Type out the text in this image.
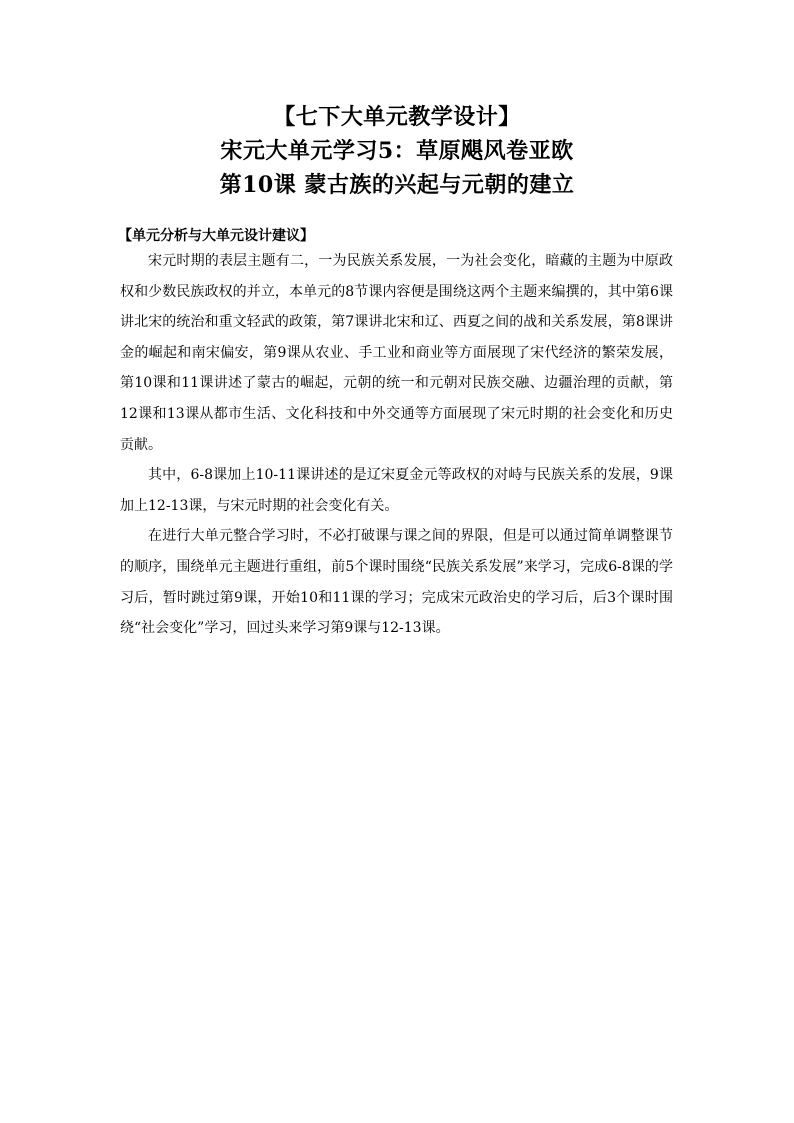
【七下大单元教学设计】
宋元大单元学习5：草原飓风卷亚欧
第10课 蒙古族的兴起与元朝的建立
【单元分析与大单元设计建议】

宋元时期的表层主题有二，一为民族关系发展，一为社会变化，暗藏的主题为中原政权和少数民族政权的并立，本单元的8节课内容便是围绕这两个主题来编撰的，其中第6课讲北宋的统治和重文轻武的政策，第7课讲北宋和辽、西夏之间的战和关系发展，第8课讲金的崛起和南宋偏安，第9课从农业、手工业和商业等方面展现了宋代经济的繁荣发展，第10课和11课讲述了蒙古的崛起，元朝的统一和元朝对民族交融、边疆治理的贡献，第12课和13课从都市生活、文化科技和中外交通等方面展现了宋元时期的社会变化和历史贡献。

其中，6-8课加上10-11课讲述的是辽宋夏金元等政权的对峙与民族关系的发展，9课加上12-13课，与宋元时期的社会变化有关。

在进行大单元整合学习时，不必打破课与课之间的界限，但是可以通过简单调整课节的顺序，围绕单元主题进行重组，前5个课时围绕“民族关系发展”来学习，完成6-8课的学习后，暂时跳过第9课，开始10和11课的学习；完成宋元政治史的学习后，后3个课时围绕“社会变化”学习，回过头来学习第9课与12-13课。
